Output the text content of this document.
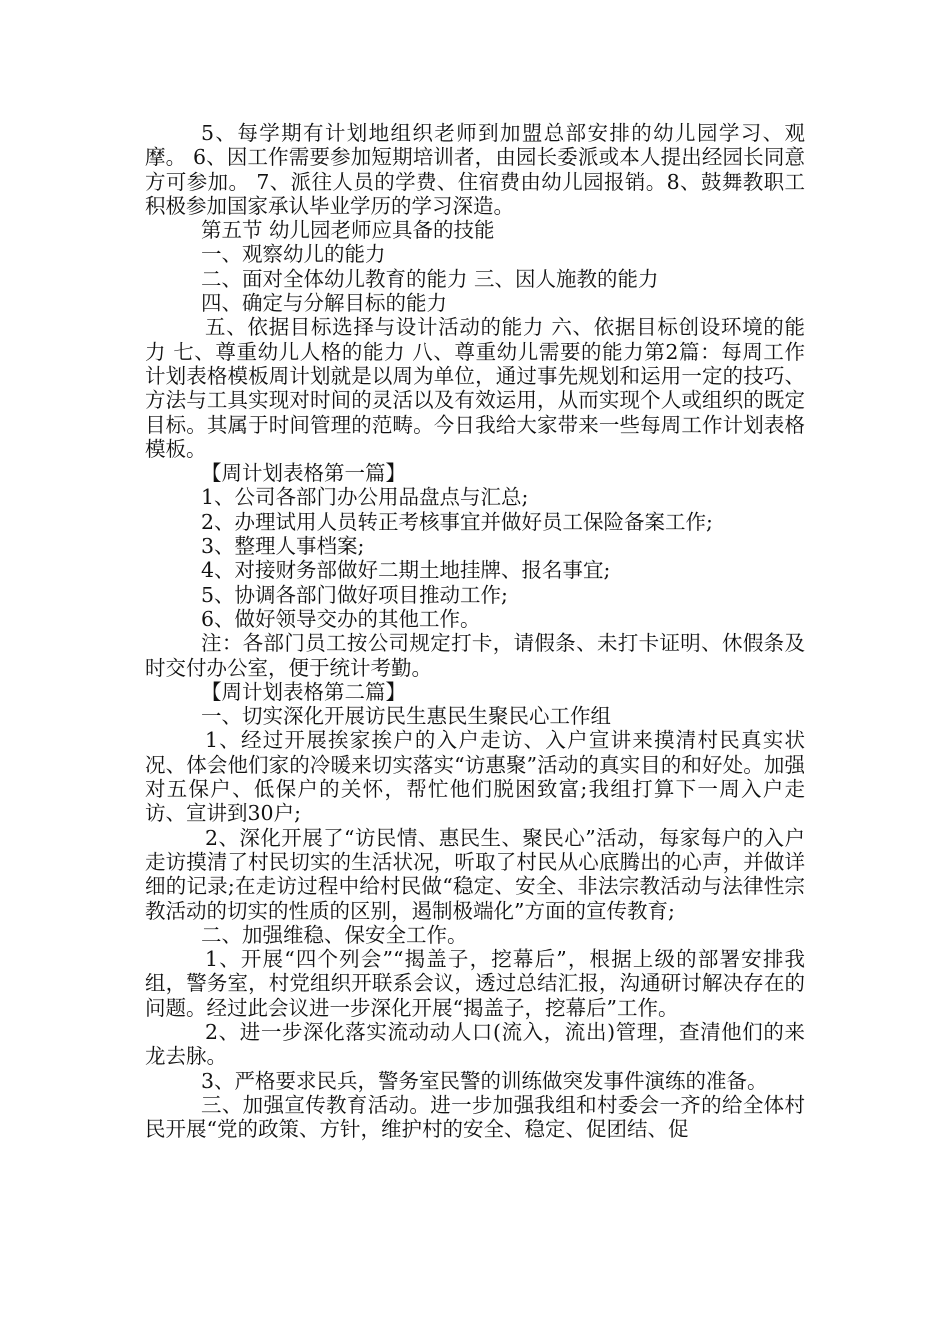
5、每学期有计划地组织老师到加盟总部安排的幼儿园学习、观摩。 6、因工作需要参加短期培训者，由园长委派或本人提出经园长同意方可参加。 7、派往人员的学费、住宿费由幼儿园报销。8、鼓舞教职工积极参加国家承认毕业学历的学习深造。

第五节 幼儿园老师应具备的技能

一、观察幼儿的能力

二、面对全体幼儿教育的能力 三、因人施教的能力

四、确定与分解目标的能力

五、依据目标选择与设计活动的能力 六、依据目标创设环境的能力 七、尊重幼儿人格的能力 八、尊重幼儿需要的能力第2篇：每周工作计划表格模板周计划就是以周为单位，通过事先规划和运用一定的技巧、方法与工具实现对时间的灵活以及有效运用，从而实现个人或组织的既定目标。其属于时间管理的范畴。今日我给大家带来一些每周工作计划表格模板。

【周计划表格第一篇】

1、公司各部门办公用品盘点与汇总;

2、办理试用人员转正考核事宜并做好员工保险备案工作;

3、整理人事档案;

4、对接财务部做好二期土地挂牌、报名事宜;

5、协调各部门做好项目推动工作;

6、做好领导交办的其他工作。

注：各部门员工按公司规定打卡，请假条、未打卡证明、休假条及时交付办公室，便于统计考勤。

【周计划表格第二篇】

一、切实深化开展访民生惠民生聚民心工作组

1、经过开展挨家挨户的入户走访、入户宣讲来摸清村民真实状况、体会他们家的冷暖来切实落实“访惠聚”活动的真实目的和好处。加强对五保户、低保户的关怀，帮忙他们脱困致富;我组打算下一周入户走访、宣讲到30户;

2、深化开展了“访民情、惠民生、聚民心”活动，每家每户的入户走访摸清了村民切实的生活状况，听取了村民从心底腾出的心声，并做详细的记录;在走访过程中给村民做“稳定、安全、非法宗教活动与法律性宗教活动的切实的性质的区别，遏制极端化”方面的宣传教育;

二、加强维稳、保安全工作。

1、开展“四个列会”“揭盖子，挖幕后”，根据上级的部署安排我组，警务室，村党组织开联系会议，透过总结汇报，沟通研讨解决存在的问题。经过此会议进一步深化开展“揭盖子，挖幕后”工作。

2、进一步深化落实流动动人口(流入，流出)管理，查清他们的来龙去脉。

3、严格要求民兵，警务室民警的训练做突发事件演练的准备。

三、加强宣传教育活动。进一步加强我组和村委会一齐的给全体村民开展“党的政策、方针，维护村的安全、稳定、促团结、促
